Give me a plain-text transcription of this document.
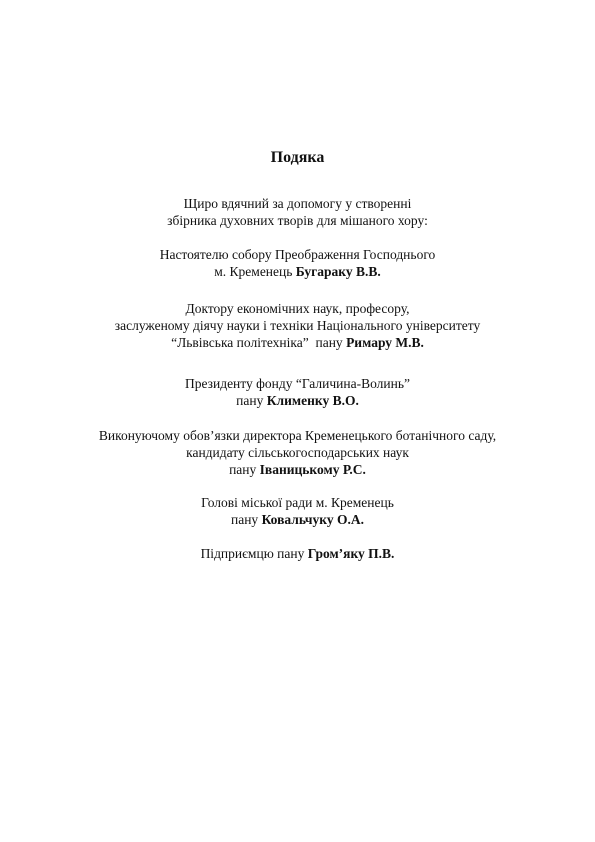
Подяка
Щиро вдячний за допомогу у створенні
збірника духовних творів для мішаного хору:
Настоятелю собору Преображення Господнього
м. Кременець Бугараку В.В.
Доктору економічних наук, професору,
заслуженому діячу науки і техніки Національного університету
“Львівська політехніка”  пану Римару М.В.
Президенту фонду “Галичина-Волинь”
пану Клименку В.О.
Виконуючому обов’язки директора Кременецького ботанічного саду,
кандидату сільськогосподарських наук
пану Іваницькому Р.С.
Голові міської ради м. Кременець
пану Ковальчуку О.А.
Підприємцю пану Гром’яку П.В.
